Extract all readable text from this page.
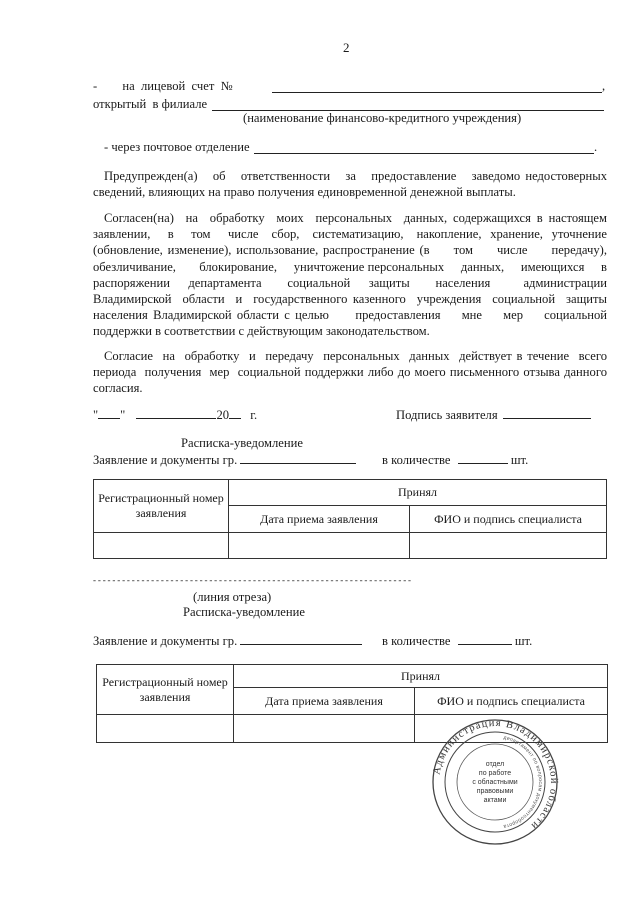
2
-        на  лицевой  счет  №	,
открытый  в филиале
(наименование финансово-кредитного учреждения)
- через почтовое отделение	.
Предупрежден(а)   об   ответственности   за   предоставление   заведомо недостоверных
сведений, влияющих на право получения единовременной денежной выплаты.
Согласен(на)  на  обработку  моих  персональных  данных, содержащихся в настоящем
заявлении,    в    том    числе   сбор,   систематизацию,   накопление,  хранение,  уточнение
(обновление, изменение), использование, распространение (в     том     числе     передачу),
обезличивание,       блокирование,     уничтожение персональных     данных,     имеющихся     в
распоряжении     департамента       социальной     защиты       населения         администрации
Владимирской  области  и  государственного казенного  учреждения  социальной  защиты
населения Владимирской области с целью     предоставления    мне    мер    социальной
поддержки в соответствии с действующим законодательством.
Согласие  на  обработку  и  передачу  персональных  данных  действует в течение  всего
периода  получения  мер  социальной поддержки либо до моего письменного отзыва данного
согласия.
" "	20 г.	Подпись заявителя
Расписка-уведомление
Заявление и документы гр.	в количестве	шт.
Регистрационный номер заявления	Принял	
	Дата приема заявления	ФИО и подпись специалиста

- - - - - - - - - - - - - - - - - - - - - - - - - - - - - - - - - - - - - - - - - - - - - - - - - - - - - - - - - - - - - - - - - -
(линия отреза)
Расписка-уведомление
Заявление и документы гр.	в количестве	шт.
Регистрационный номер заявления	Принял	
	Дата приема заявления	ФИО и подпись специалиста

Администрация Владимирской области
департамент по вопросам документооборота
отдел
по работе
с областными
правовыми
актами
